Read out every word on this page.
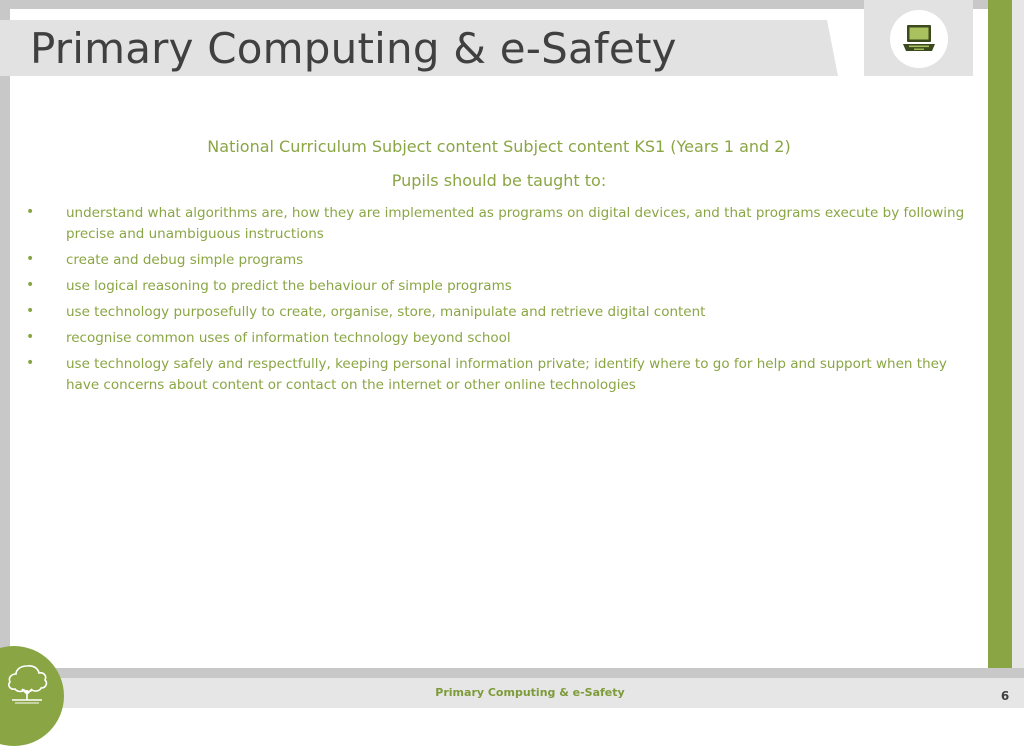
Primary Computing & e-Safety

National Curriculum Subject content Subject content KS1 (Years 1 and 2)

Pupils should be taught to:

• understand what algorithms are, how they are implemented as programs on digital devices, and that programs execute by following precise and unambiguous instructions
• create and debug simple programs
• use logical reasoning to predict the behaviour of simple programs
• use technology purposefully to create, organise, store, manipulate and retrieve digital content
• recognise common uses of information technology beyond school
• use technology safely and respectfully, keeping personal information private; identify where to go for help and support when they have concerns about content or contact on the internet or other online technologies
Primary Computing & e-Safety	6
